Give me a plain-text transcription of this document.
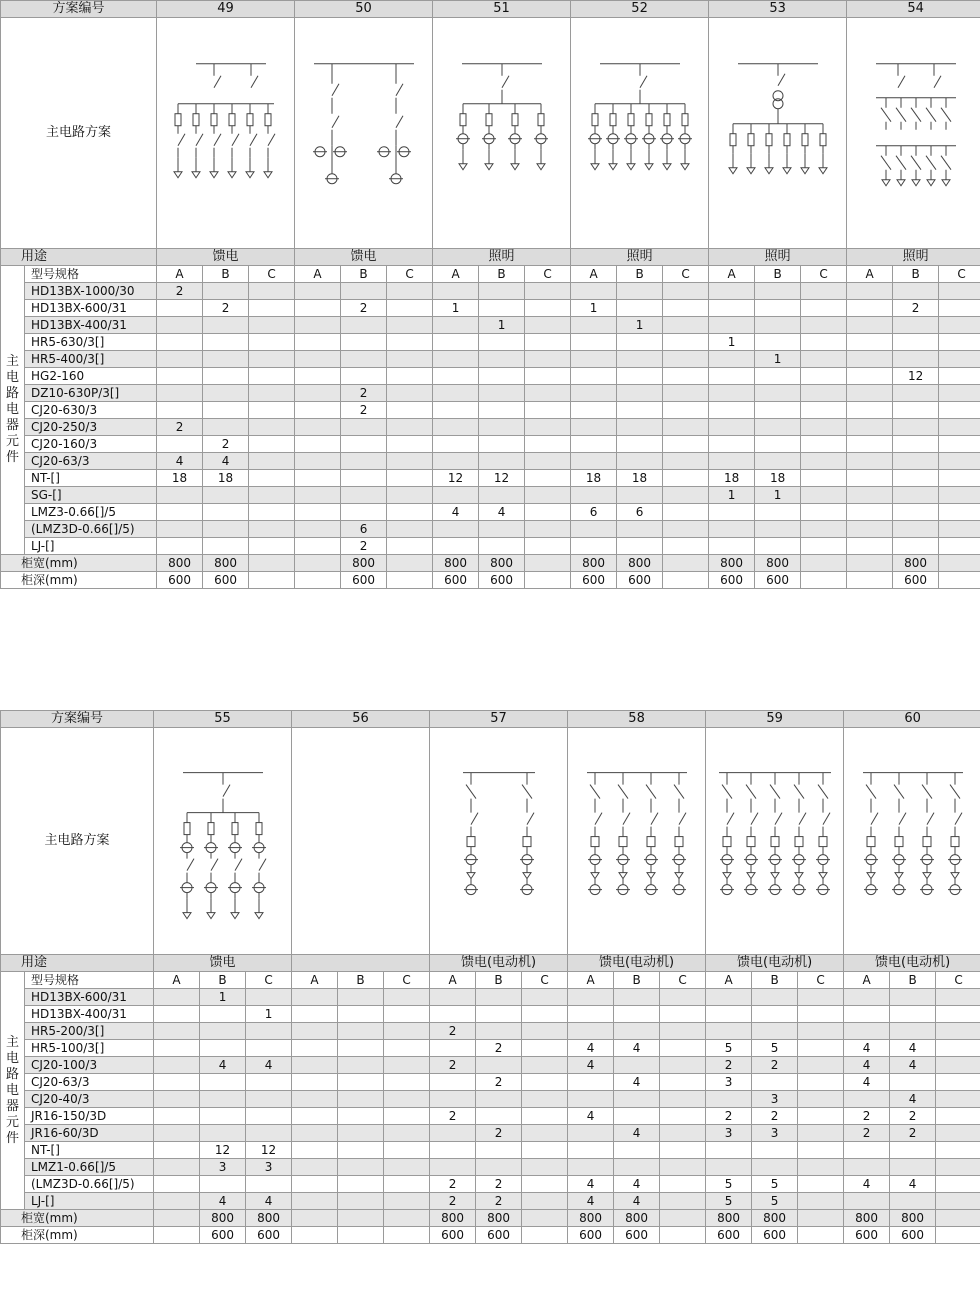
方案编号		49			50			51			52			53			54		
主电路方案	

用途		馈电			馈电			照明			照明			照明			照明		
主电路电器元件	型号规格	A	B	C	A	B	C	A	B	C	A	B	C	A	B	C	A	B	C
	HD13BX-1000/30	2																	
	HD13BX-600/31		2			2		1			1							2	
	HD13BX-400/31								1			1							
	HR5-630/3[]													1					
	HR5-400/3[]														1				
	HG2-160																	12	
	DZ10-630P/3[]					2													
	CJ20-630/3					2													
	CJ20-250/3	2																	
	CJ20-160/3		2																
	CJ20-63/3	4	4																
	NT-[]	18	18					12	12		18	18		18	18				
	SG-[]													1	1				
	LMZ3-0.66[]/5							4	4		6	6							
	(LMZ3D-0.66[]/5)					6													
	LJ-[]					2													
柜宽(mm)		800	800			800		800	800		800	800		800	800			800	
柜深(mm)		600	600			600		600	600		600	600		600	600			600	
方案编号		55			56			57			58			59			60		
主电路方案	

用途		馈电						馈电(电动机)			馈电(电动机)			馈电(电动机)			馈电(电动机)		
主电路电器元件	型号规格	A	B	C	A	B	C	A	B	C	A	B	C	A	B	C	A	B	C
	HD13BX-600/31		1																
	HD13BX-400/31			1															
	HR5-200/3[]							2											
	HR5-100/3[]								2		4	4		5	5		4	4	
	CJ20-100/3		4	4				2			4			2	2		4	4	
	CJ20-63/3								2			4		3			4		
	CJ20-40/3														3			4	
	JR16-150/3D							2			4			2	2		2	2	
	JR16-60/3D								2			4		3	3		2	2	
	NT-[]		12	12															
	LMZ1-0.66[]/5		3	3															
	(LMZ3D-0.66[]/5)							2	2		4	4		5	5		4	4	
	LJ-[]		4	4				2	2		4	4		5	5				
柜宽(mm)			800	800				800	800		800	800		800	800		800	800	
柜深(mm)			600	600				600	600		600	600		600	600		600	600	
